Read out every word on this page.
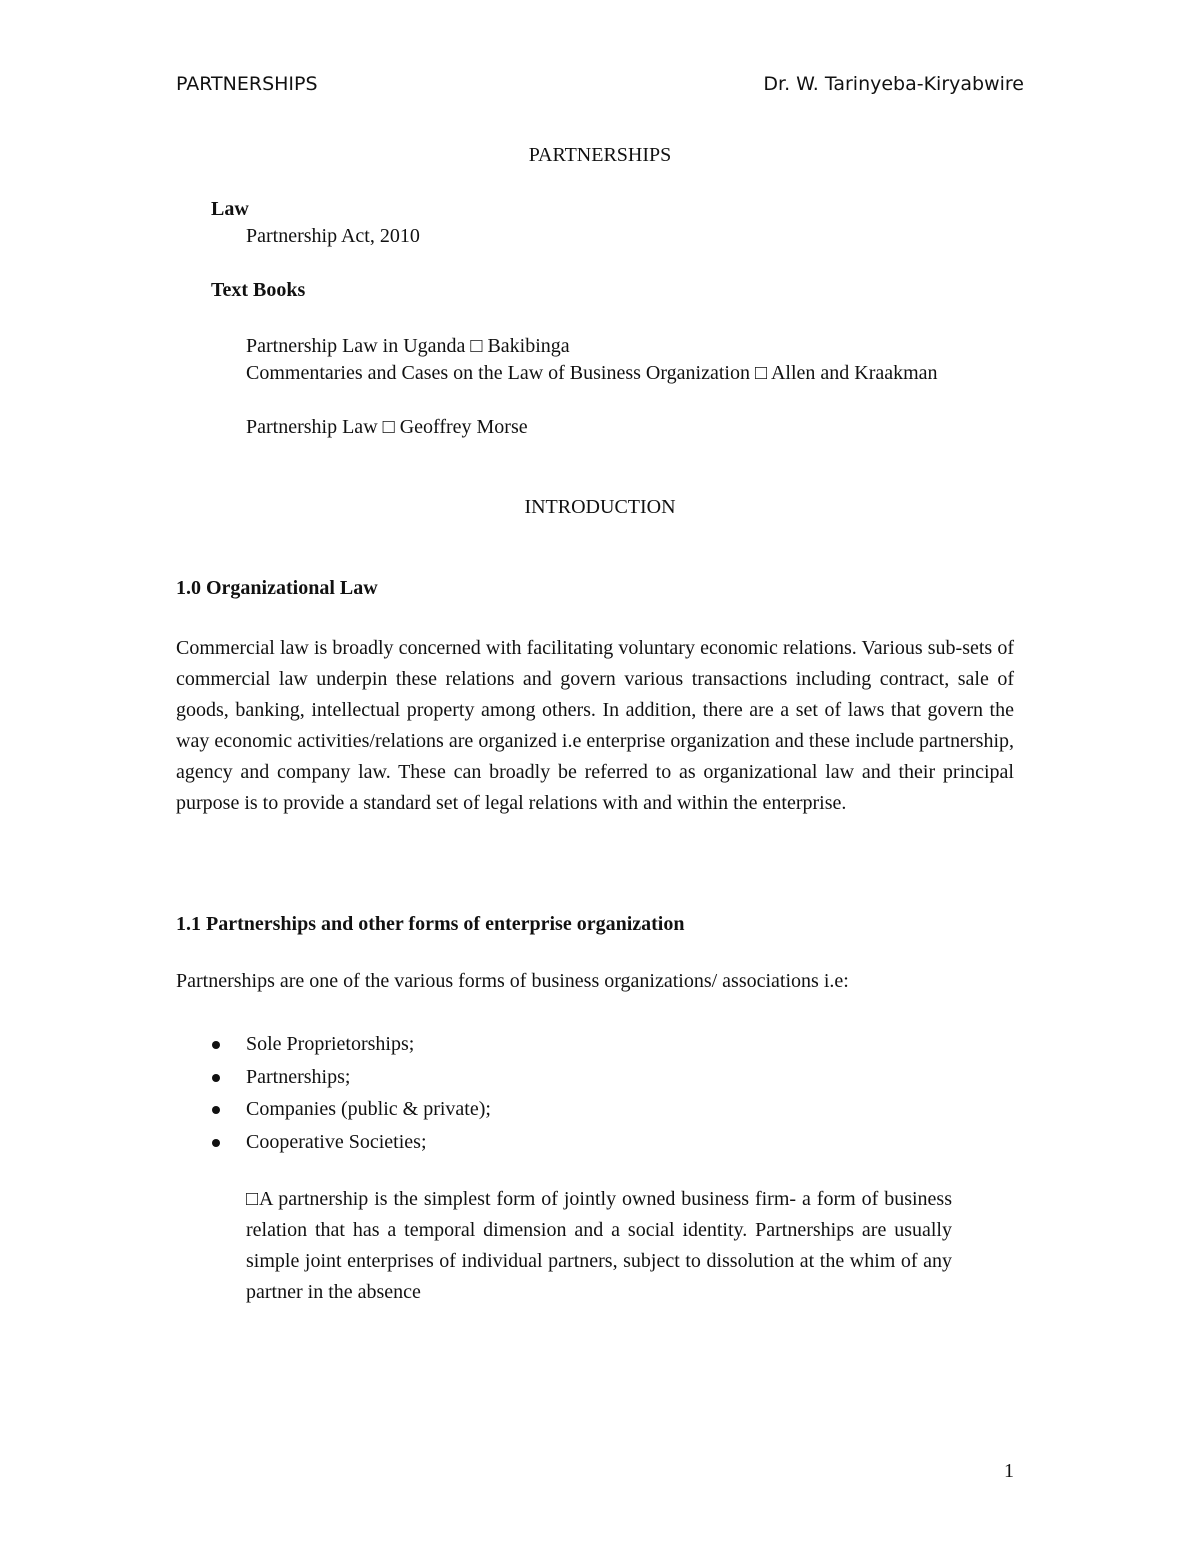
PARTNERSHIPS	Dr. W. Tarinyeba-Kiryabwire
PARTNERSHIPS
Law
Partnership Act, 2010
Text Books
Partnership Law in Uganda □ Bakibinga
Commentaries and Cases on the Law of Business Organization □ Allen and Kraakman
Partnership Law □ Geoffrey Morse
INTRODUCTION
1.0 Organizational Law
Commercial law is broadly concerned with facilitating voluntary economic relations. Various sub-sets of commercial law underpin these relations and govern various transactions including contract, sale of goods, banking, intellectual property among others. In addition, there are a set of laws that govern the way economic activities/relations are organized i.e enterprise organization and these include partnership, agency and company law. These can broadly be referred to as organizational law and their principal purpose is to provide a standard set of legal relations with and within the enterprise.
1.1 Partnerships and other forms of enterprise organization
Partnerships are one of the various forms of business organizations/ associations i.e:
Sole Proprietorships;
Partnerships;
Companies (public & private);
Cooperative Societies;
□A partnership is the simplest form of jointly owned business firm- a form of business relation that has a temporal dimension and a social identity. Partnerships are usually simple joint enterprises of individual partners, subject to dissolution at the whim of any partner in the absence
1
